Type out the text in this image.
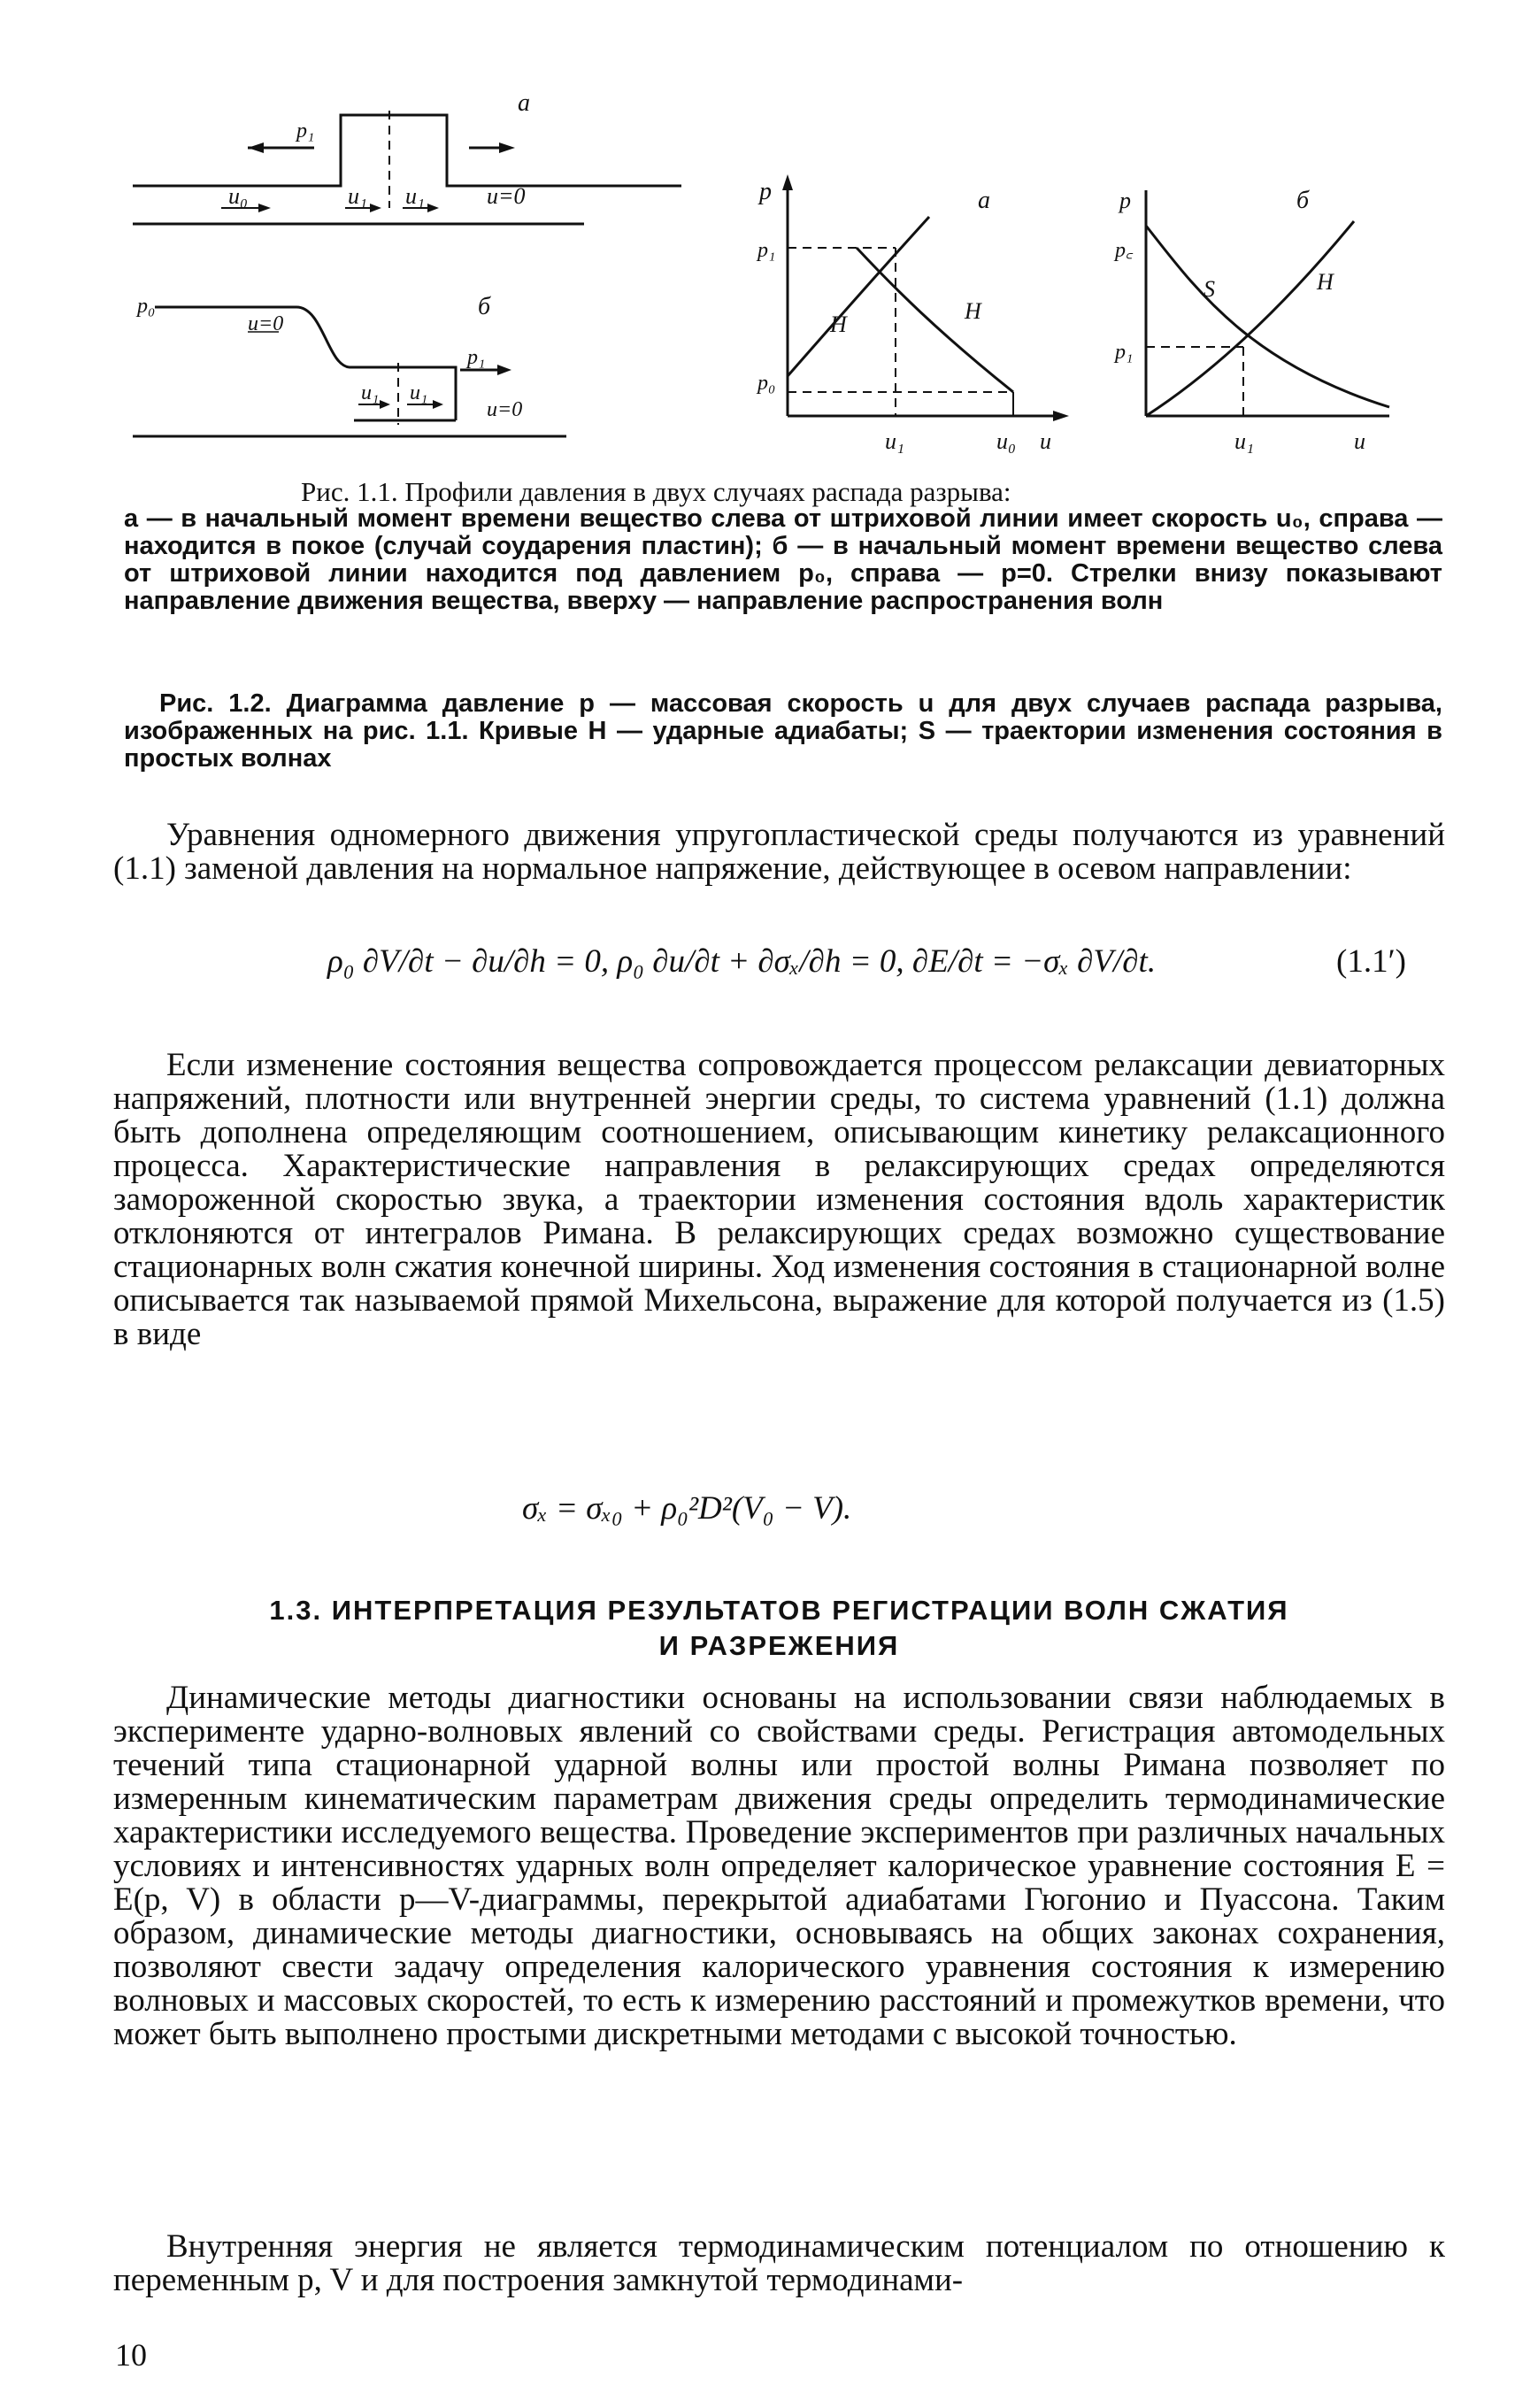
а
u₀	u₁ u₁	u=0
p₁
p₀
u=0
б
p₁
u₁ u₁
u=0
p	а
p₁
p₀
H
H
u₁	u₀ u
p	б
p꜀
p₁
S	H
u₁	u
Рис. 1.1. Профили давления в двух случаях распада разрыва:
а — в начальный момент времени вещество слева от штриховой линии имеет скорость u₀, справа — находится в покое (случай соударения пластин); б — в начальный момент времени вещество слева от штриховой линии находится под давлением p₀, справа — p=0. Стрелки внизу показывают направление движения вещества, вверху — направление распространения волн
Рис. 1.2. Диаграмма давление p — массовая скорость u для двух случаев распада разрыва, изображенных на рис. 1.1. Кривые H — ударные адиабаты; S — траектории изменения состояния в простых волнах

Уравнения одномерного движения упругопластической среды получаются из уравнений (1.1) заменой давления на нормальное напряжение, действующее в осевом направлении:

ρ₀ ∂V/∂t − ∂u/∂h = 0, ρ₀ ∂u/∂t + ∂σₓ/∂h = 0, ∂E/∂t = −σₓ ∂V/∂t.	(1.1′)

Если изменение состояния вещества сопровождается процессом релаксации девиаторных напряжений, плотности или внутренней энергии среды, то система уравнений (1.1) должна быть дополнена определяющим соотношением, описывающим кинетику релаксационного процесса. Характеристические направления в релаксирующих средах определяются замороженной скоростью звука, а траектории изменения состояния вдоль характеристик отклоняются от интегралов Римана. В релаксирующих средах возможно существование стационарных волн сжатия конечной ширины. Ход изменения состояния в стационарной волне описывается так называемой прямой Михельсона, выражение для которой получается из (1.5) в виде

σₓ = σₓ₀ + ρ₀²D²(V₀ − V).
1.3. ИНТЕРПРЕТАЦИЯ РЕЗУЛЬТАТОВ РЕГИСТРАЦИИ ВОЛН СЖАТИЯ
И РАЗРЕЖЕНИЯ

Динамические методы диагностики основаны на использовании связи наблюдаемых в эксперименте ударно-волновых явлений со свойствами среды. Регистрация автомодельных течений типа стационарной ударной волны или простой волны Римана позволяет по измеренным кинематическим параметрам движения среды определить термодинамические характеристики исследуемого вещества. Проведение экспериментов при различных начальных условиях и интенсивностях ударных волн определяет калорическое уравнение состояния E = E(p, V) в области p—V-диаграммы, перекрытой адиабатами Гюгонио и Пуассона. Таким образом, динамические методы диагностики, основываясь на общих законах сохранения, позволяют свести задачу определения калорического уравнения состояния к измерению волновых и массовых скоростей, то есть к измерению расстояний и промежутков времени, что может быть выполнено простыми дискретными методами с высокой точностью.

Внутренняя энергия не является термодинамическим потенциалом по отношению к переменным p, V и для построения замкнутой термодинами-

10
